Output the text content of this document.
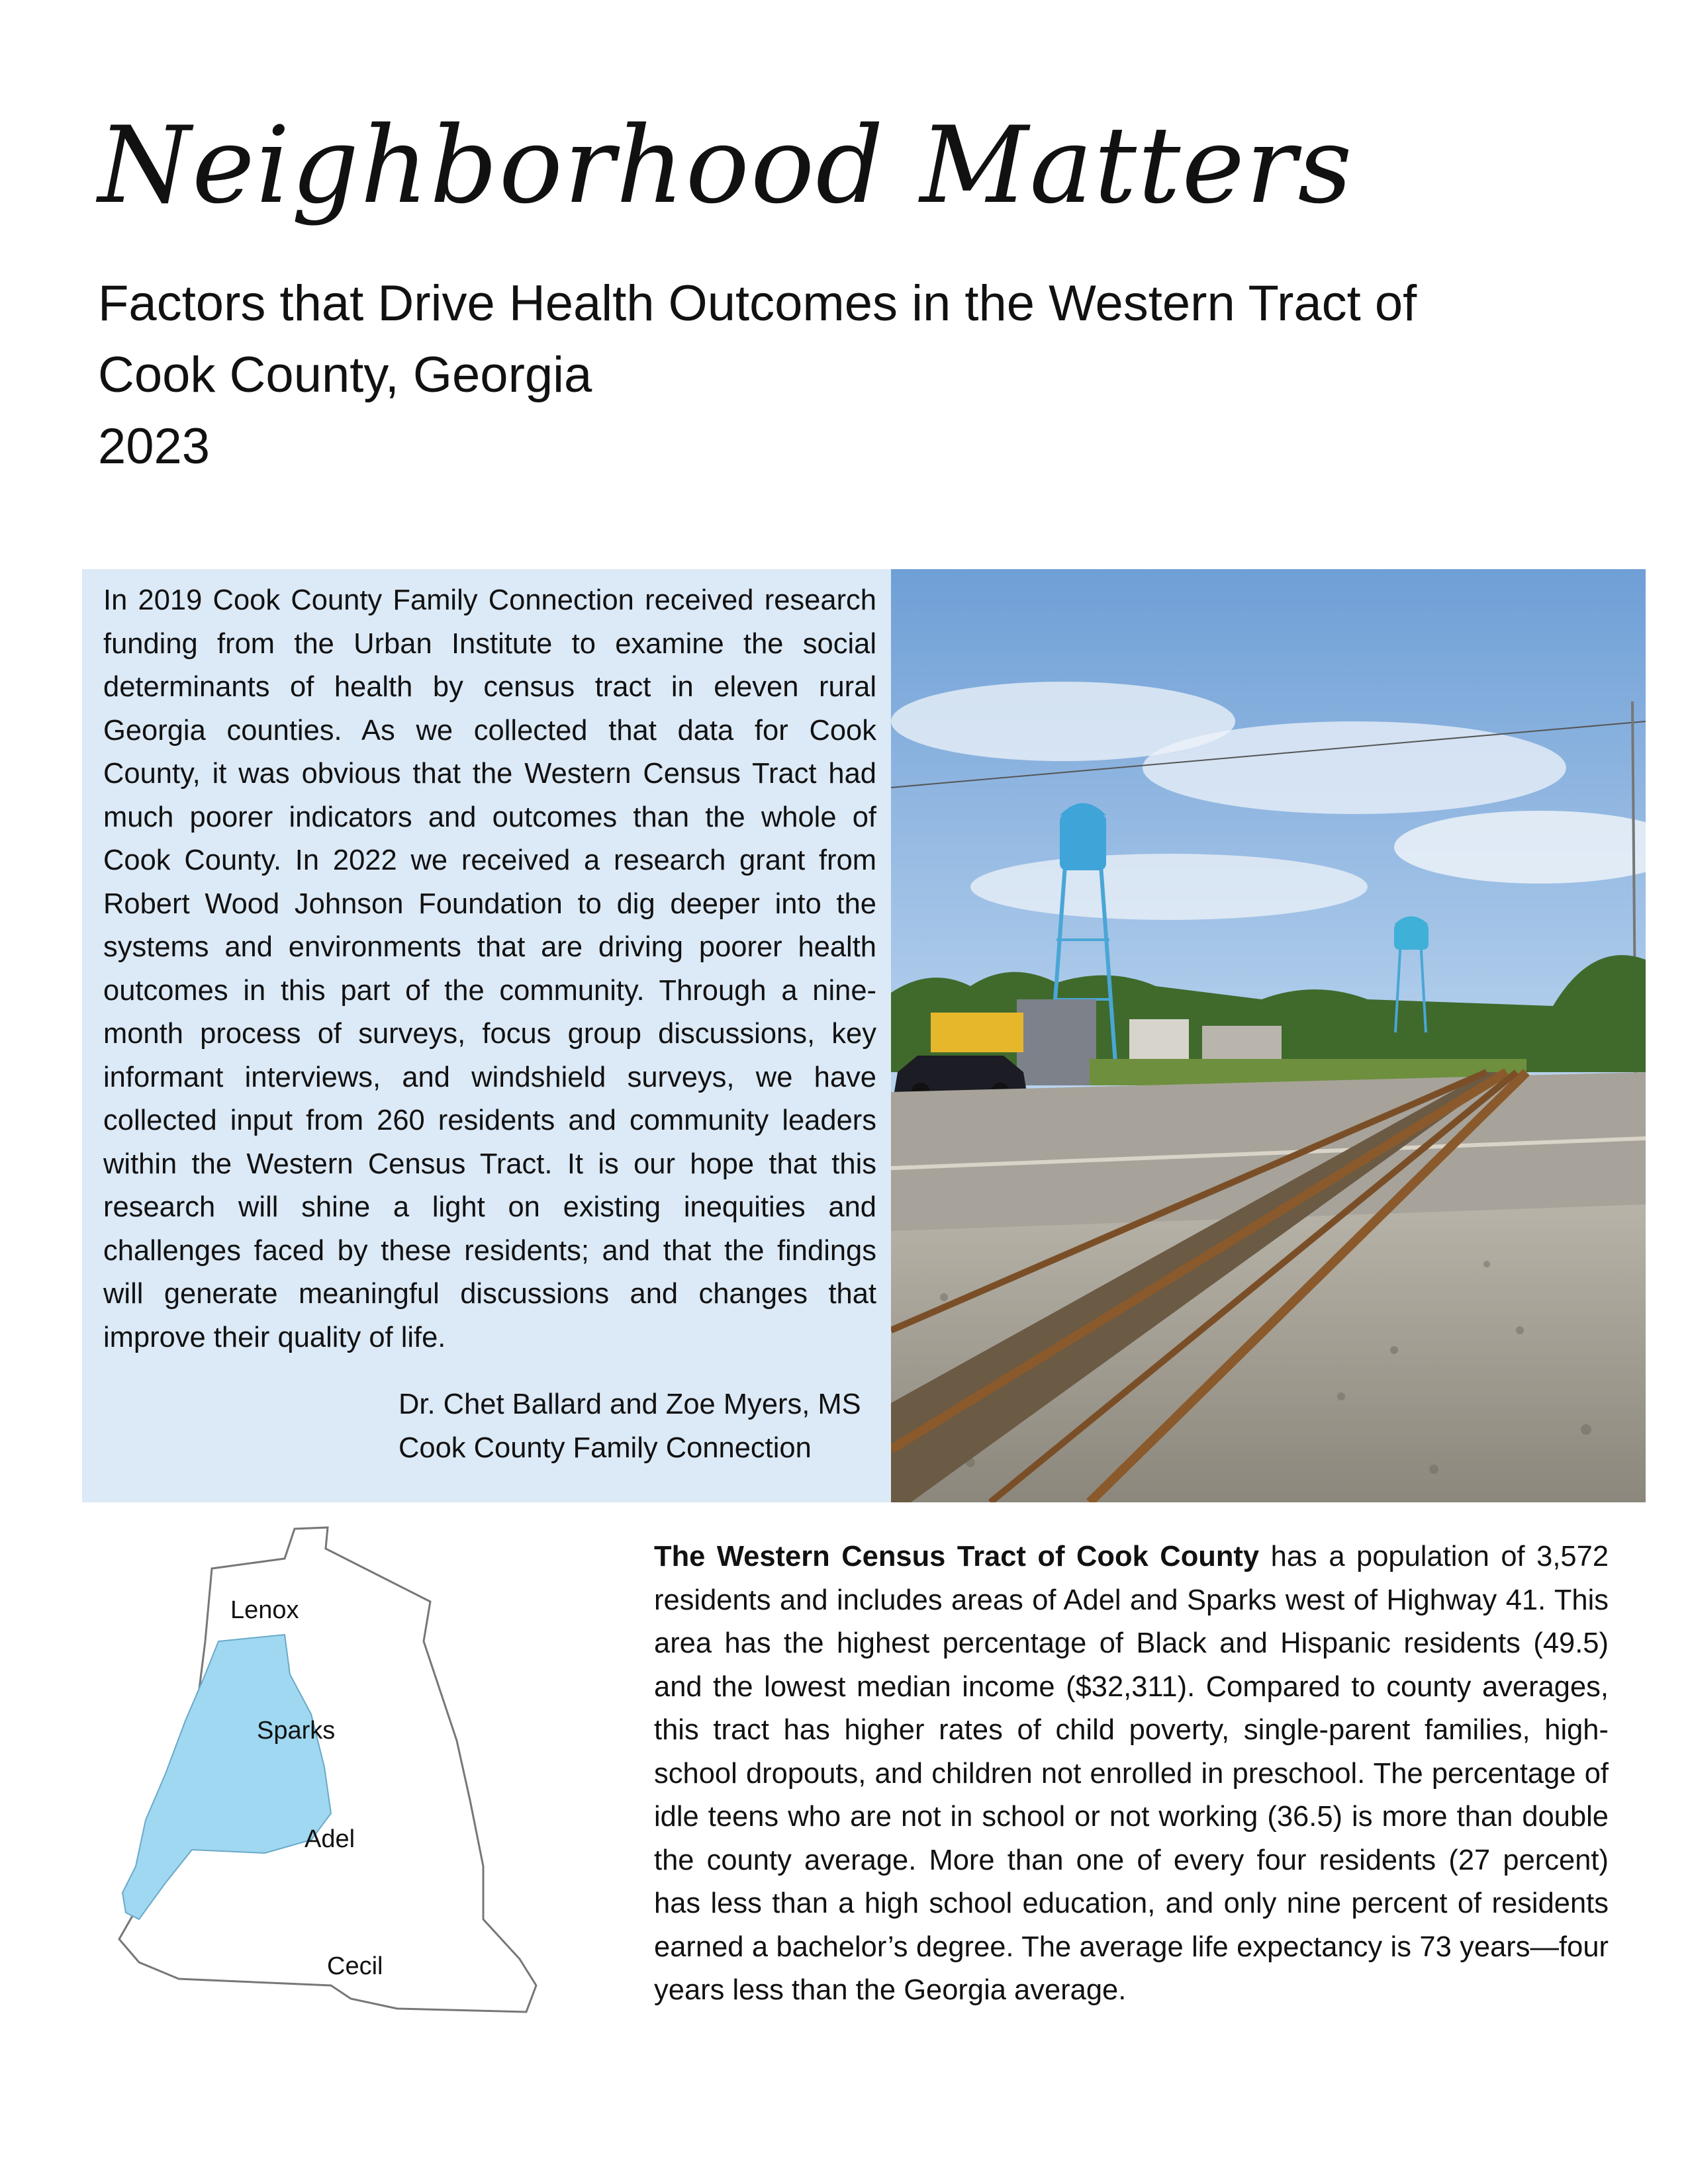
Neighborhood Matters
Factors that Drive Health Outcomes in the Western Tract of
Cook County, Georgia
2023
In 2019 Cook County Family Connection received research funding from the Urban Institute to examine the social determinants of health by census tract in eleven rural Georgia counties. As we collected that data for Cook County, it was obvious that the Western Census Tract had much poorer indicators and outcomes than the whole of Cook County. In 2022 we received a research grant from Robert Wood Johnson Foundation to dig deeper into the systems and environments that are driving poorer health outcomes in this part of the community. Through a nine-month process of surveys, focus group discussions, key informant interviews, and windshield surveys, we have collected input from 260 residents and community leaders within the Western Census Tract. It is our hope that this research will shine a light on existing inequities and challenges faced by these residents; and that the findings will generate meaningful discussions and changes that improve their quality of life.
Dr. Chet Ballard and Zoe Myers, MS
Cook County Family Connection
Lenox
Sparks
Adel
Cecil
The Western Census Tract of Cook County has a population of 3,572 residents and includes areas of Adel and Sparks west of Highway 41. This area has the highest percentage of Black and Hispanic residents (49.5) and the lowest median income ($32,311). Compared to county averages, this tract has higher rates of child poverty, single-parent families, high-school dropouts, and children not enrolled in preschool. The percentage of idle teens who are not in school or not working (36.5) is more than double the county average. More than one of every four residents (27 percent) has less than a high school education, and only nine percent of residents earned a bachelor’s degree. The average life expectancy is 73 years—four years less than the Georgia average.
